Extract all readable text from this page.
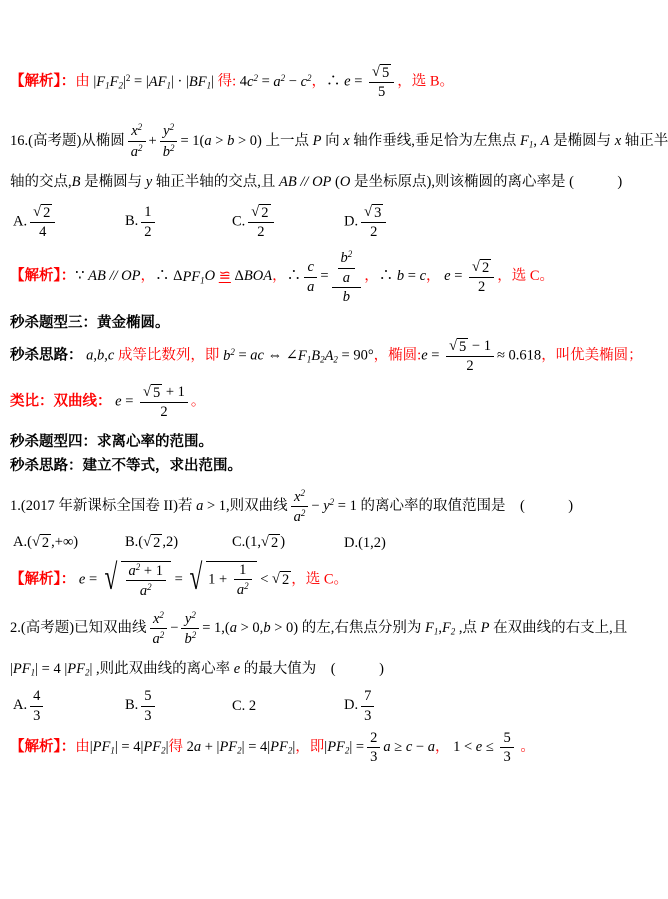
【解析】：由 $|F_1F_2|^2 = |AF_1| \cdot |BF_1|$ 得: $4c^2 = a^2 - c^2$，∴ $e = \frac{√ 5}{5}$ ，选 B。
16.(高考题)从椭圆 $\frac{x^2}{a^2} + \frac{y^2}{b^2} = 1(a > b > 0)$ 上一点 P 向 x 轴作垂线,垂足恰为左焦点 $F_1$, A 是椭圆与 x 轴正半
轴的交点,B 是椭圆与 y 轴正半轴的交点,且 AB // OP (O 是坐标原点),则该椭圆的离心率是 (　　　)
A. $\frac{√ 2}{4}$	B. $\frac{1}{2}$	C. $\frac{√ 2}{2}$	D. $\frac{√ 3}{2}$
【解析】：∵ AB // OP，∴ $\Delta PF_1O$ ≌ ΔBOA，∴ $\frac{c}{a} = \frac{\frac{b^2}{a}}{b}$ ，∴ b = c， $e = \frac{√ 2}{2}$ ，选 C。
秒杀题型三：黄金椭圆。
秒杀思路： a,b,c 成等比数列，即 $b^2$ = ac ⇔ $\angle F_1B_2A_2 = 90^\circ$，椭圆:e = $\frac{√ 5 - 1}{2} \approx 0.618$，叫优美椭圆；
类比：双曲线： $e = \frac{√ 5 + 1}{2}$ 。
秒杀题型四：求离心率的范围。
秒杀思路：建立不等式，求出范围。
1.(2017 年新课标全国卷 II)若 a > 1,则双曲线 $\frac{x^2}{a^2} - y^2 = 1$ 的离心率的取值范围是　(　　　)
A.( √ 2 ,+∞)	B.( √ 2 ,2)	C.(1, √ 2 )	D.(1,2)
【解析】： e = √ $\frac{a^2 + 1}{a^2}$ = √ $1 + \frac{1}{a^2}$ < √ 2 ，选 C。
2.(高考题)已知双曲线 $\frac{x^2}{a^2} - \frac{y^2}{b^2} = 1,(a > 0,b > 0)$ 的左,右焦点分别为 $F_1,F_2$ ,点 P 在双曲线的右支上,且
$|PF_1| = 4$ $|PF_2|$ ,则此双曲线的离心率 e 的最大值为　(　　　)
A. $\frac{4}{3}$	B. $\frac{5}{3}$	C. 2	D. $\frac{7}{3}$
【解析】：由$|PF_1| = 4|PF_2|$得 $2a + |PF_2| = 4|PF_2|$，即$|PF_2| = \frac{2}{3}$ a ≥ c − a， $1 < e \le \frac{5}{3}$ 。
